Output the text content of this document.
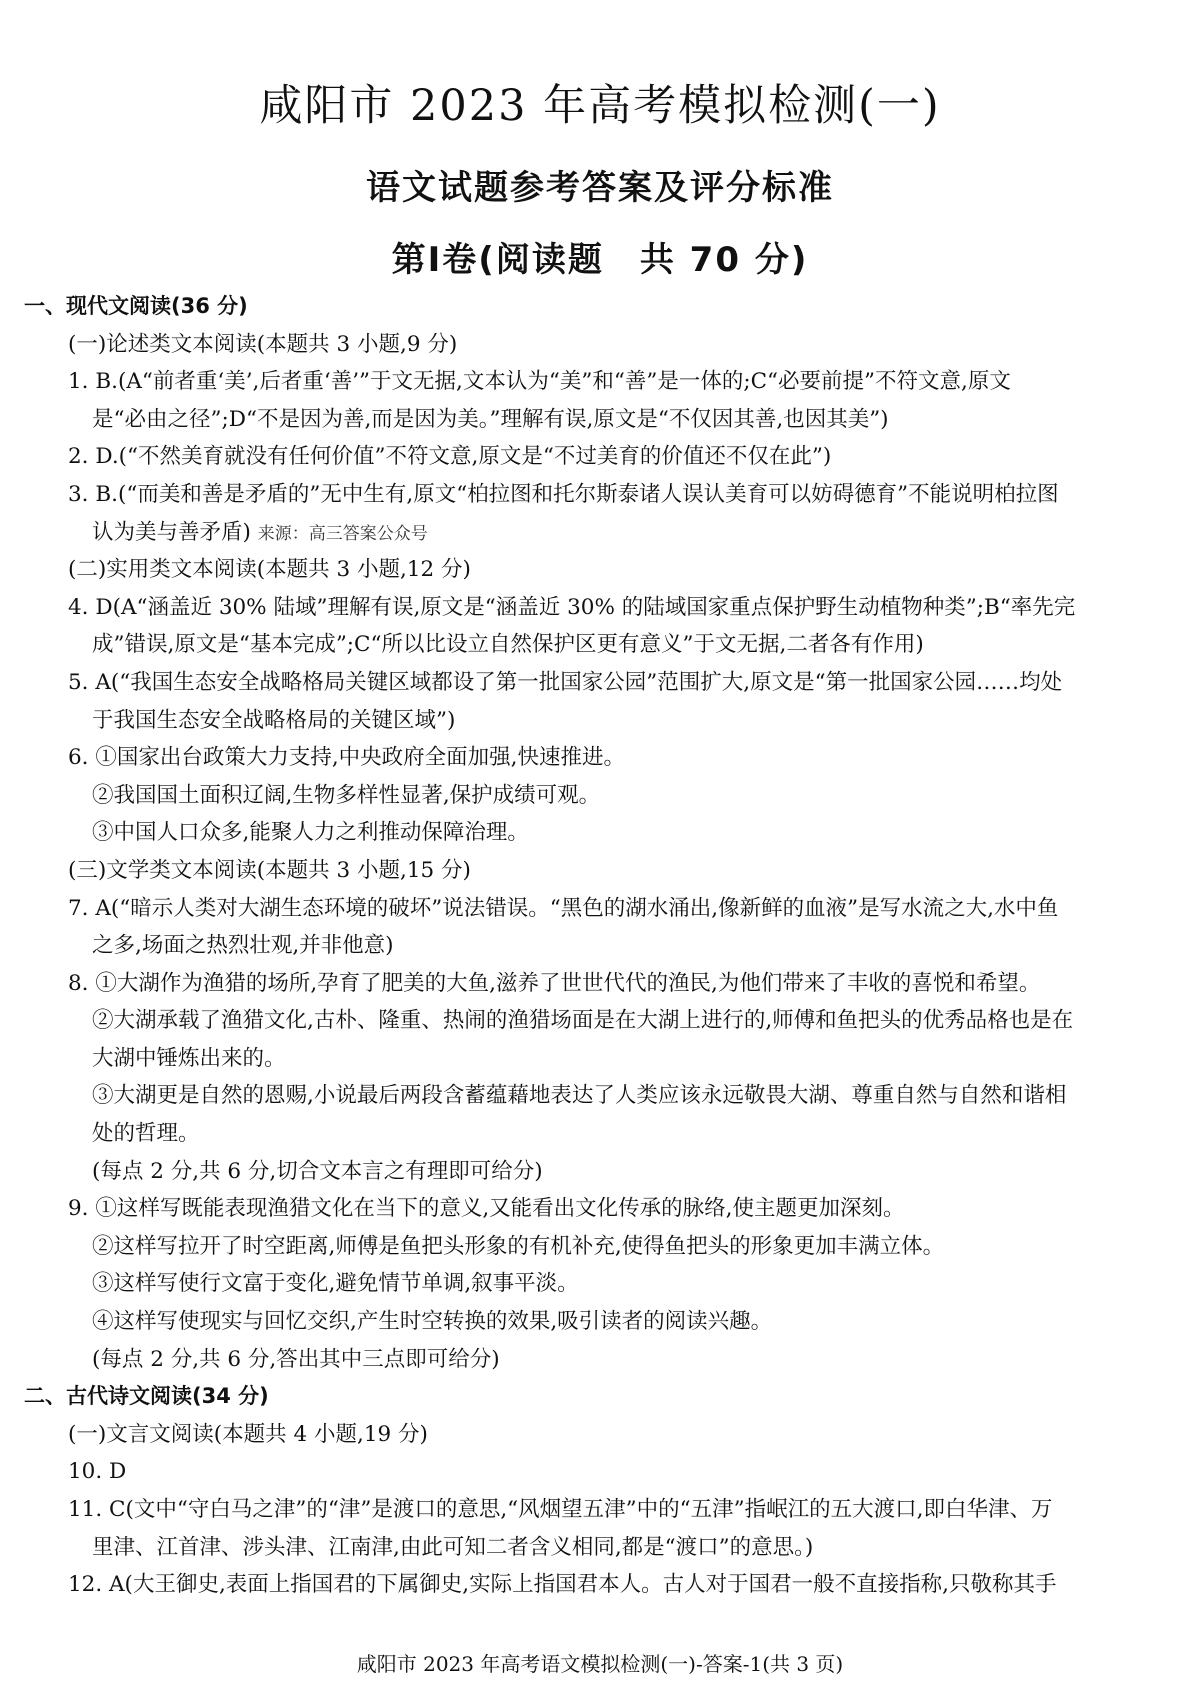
咸阳市 2023 年高考模拟检测(一)
语文试题参考答案及评分标准
第Ⅰ卷(阅读题　共 70 分)
一、现代文阅读(36 分)
(一)论述类文本阅读(本题共 3 小题,9 分)
1. B.(A“前者重‘美’,后者重‘善’”于文无据,文本认为“美”和“善”是一体的;C“必要前提”不符文意,原文
是“必由之径”;D“不是因为善,而是因为美。”理解有误,原文是“不仅因其善,也因其美”)
2. D.(“不然美育就没有任何价值”不符文意,原文是“不过美育的价值还不仅在此”)
3. B.(“而美和善是矛盾的”无中生有,原文“柏拉图和托尔斯泰诸人误认美育可以妨碍德育”不能说明柏拉图
认为美与善矛盾) 来源：高三答案公众号
(二)实用类文本阅读(本题共 3 小题,12 分)
4. D(A“涵盖近 30% 陆域”理解有误,原文是“涵盖近 30% 的陆域国家重点保护野生动植物种类”;B“率先完
成”错误,原文是“基本完成”;C“所以比设立自然保护区更有意义”于文无据,二者各有作用)
5. A(“我国生态安全战略格局关键区域都设了第一批国家公园”范围扩大,原文是“第一批国家公园……均处
于我国生态安全战略格局的关键区域”)
6. ①国家出台政策大力支持,中央政府全面加强,快速推进。
②我国国土面积辽阔,生物多样性显著,保护成绩可观。
③中国人口众多,能聚人力之利推动保障治理。
(三)文学类文本阅读(本题共 3 小题,15 分)
7. A(“暗示人类对大湖生态环境的破坏”说法错误。“黑色的湖水涌出,像新鲜的血液”是写水流之大,水中鱼
之多,场面之热烈壮观,并非他意)
8. ①大湖作为渔猎的场所,孕育了肥美的大鱼,滋养了世世代代的渔民,为他们带来了丰收的喜悦和希望。
②大湖承载了渔猎文化,古朴、隆重、热闹的渔猎场面是在大湖上进行的,师傅和鱼把头的优秀品格也是在
大湖中锤炼出来的。
③大湖更是自然的恩赐,小说最后两段含蓄蕴藉地表达了人类应该永远敬畏大湖、尊重自然与自然和谐相
处的哲理。
(每点 2 分,共 6 分,切合文本言之有理即可给分)
9. ①这样写既能表现渔猎文化在当下的意义,又能看出文化传承的脉络,使主题更加深刻。
②这样写拉开了时空距离,师傅是鱼把头形象的有机补充,使得鱼把头的形象更加丰满立体。
③这样写使行文富于变化,避免情节单调,叙事平淡。
④这样写使现实与回忆交织,产生时空转换的效果,吸引读者的阅读兴趣。
(每点 2 分,共 6 分,答出其中三点即可给分)
二、古代诗文阅读(34 分)
(一)文言文阅读(本题共 4 小题,19 分)
10. D
11. C(文中“守白马之津”的“津”是渡口的意思,“风烟望五津”中的“五津”指岷江的五大渡口,即白华津、万
里津、江首津、涉头津、江南津,由此可知二者含义相同,都是“渡口”的意思。)
12. A(大王御史,表面上指国君的下属御史,实际上指国君本人。古人对于国君一般不直接指称,只敬称其手
咸阳市 2023 年高考语文模拟检测(一)-答案-1(共 3 页)
